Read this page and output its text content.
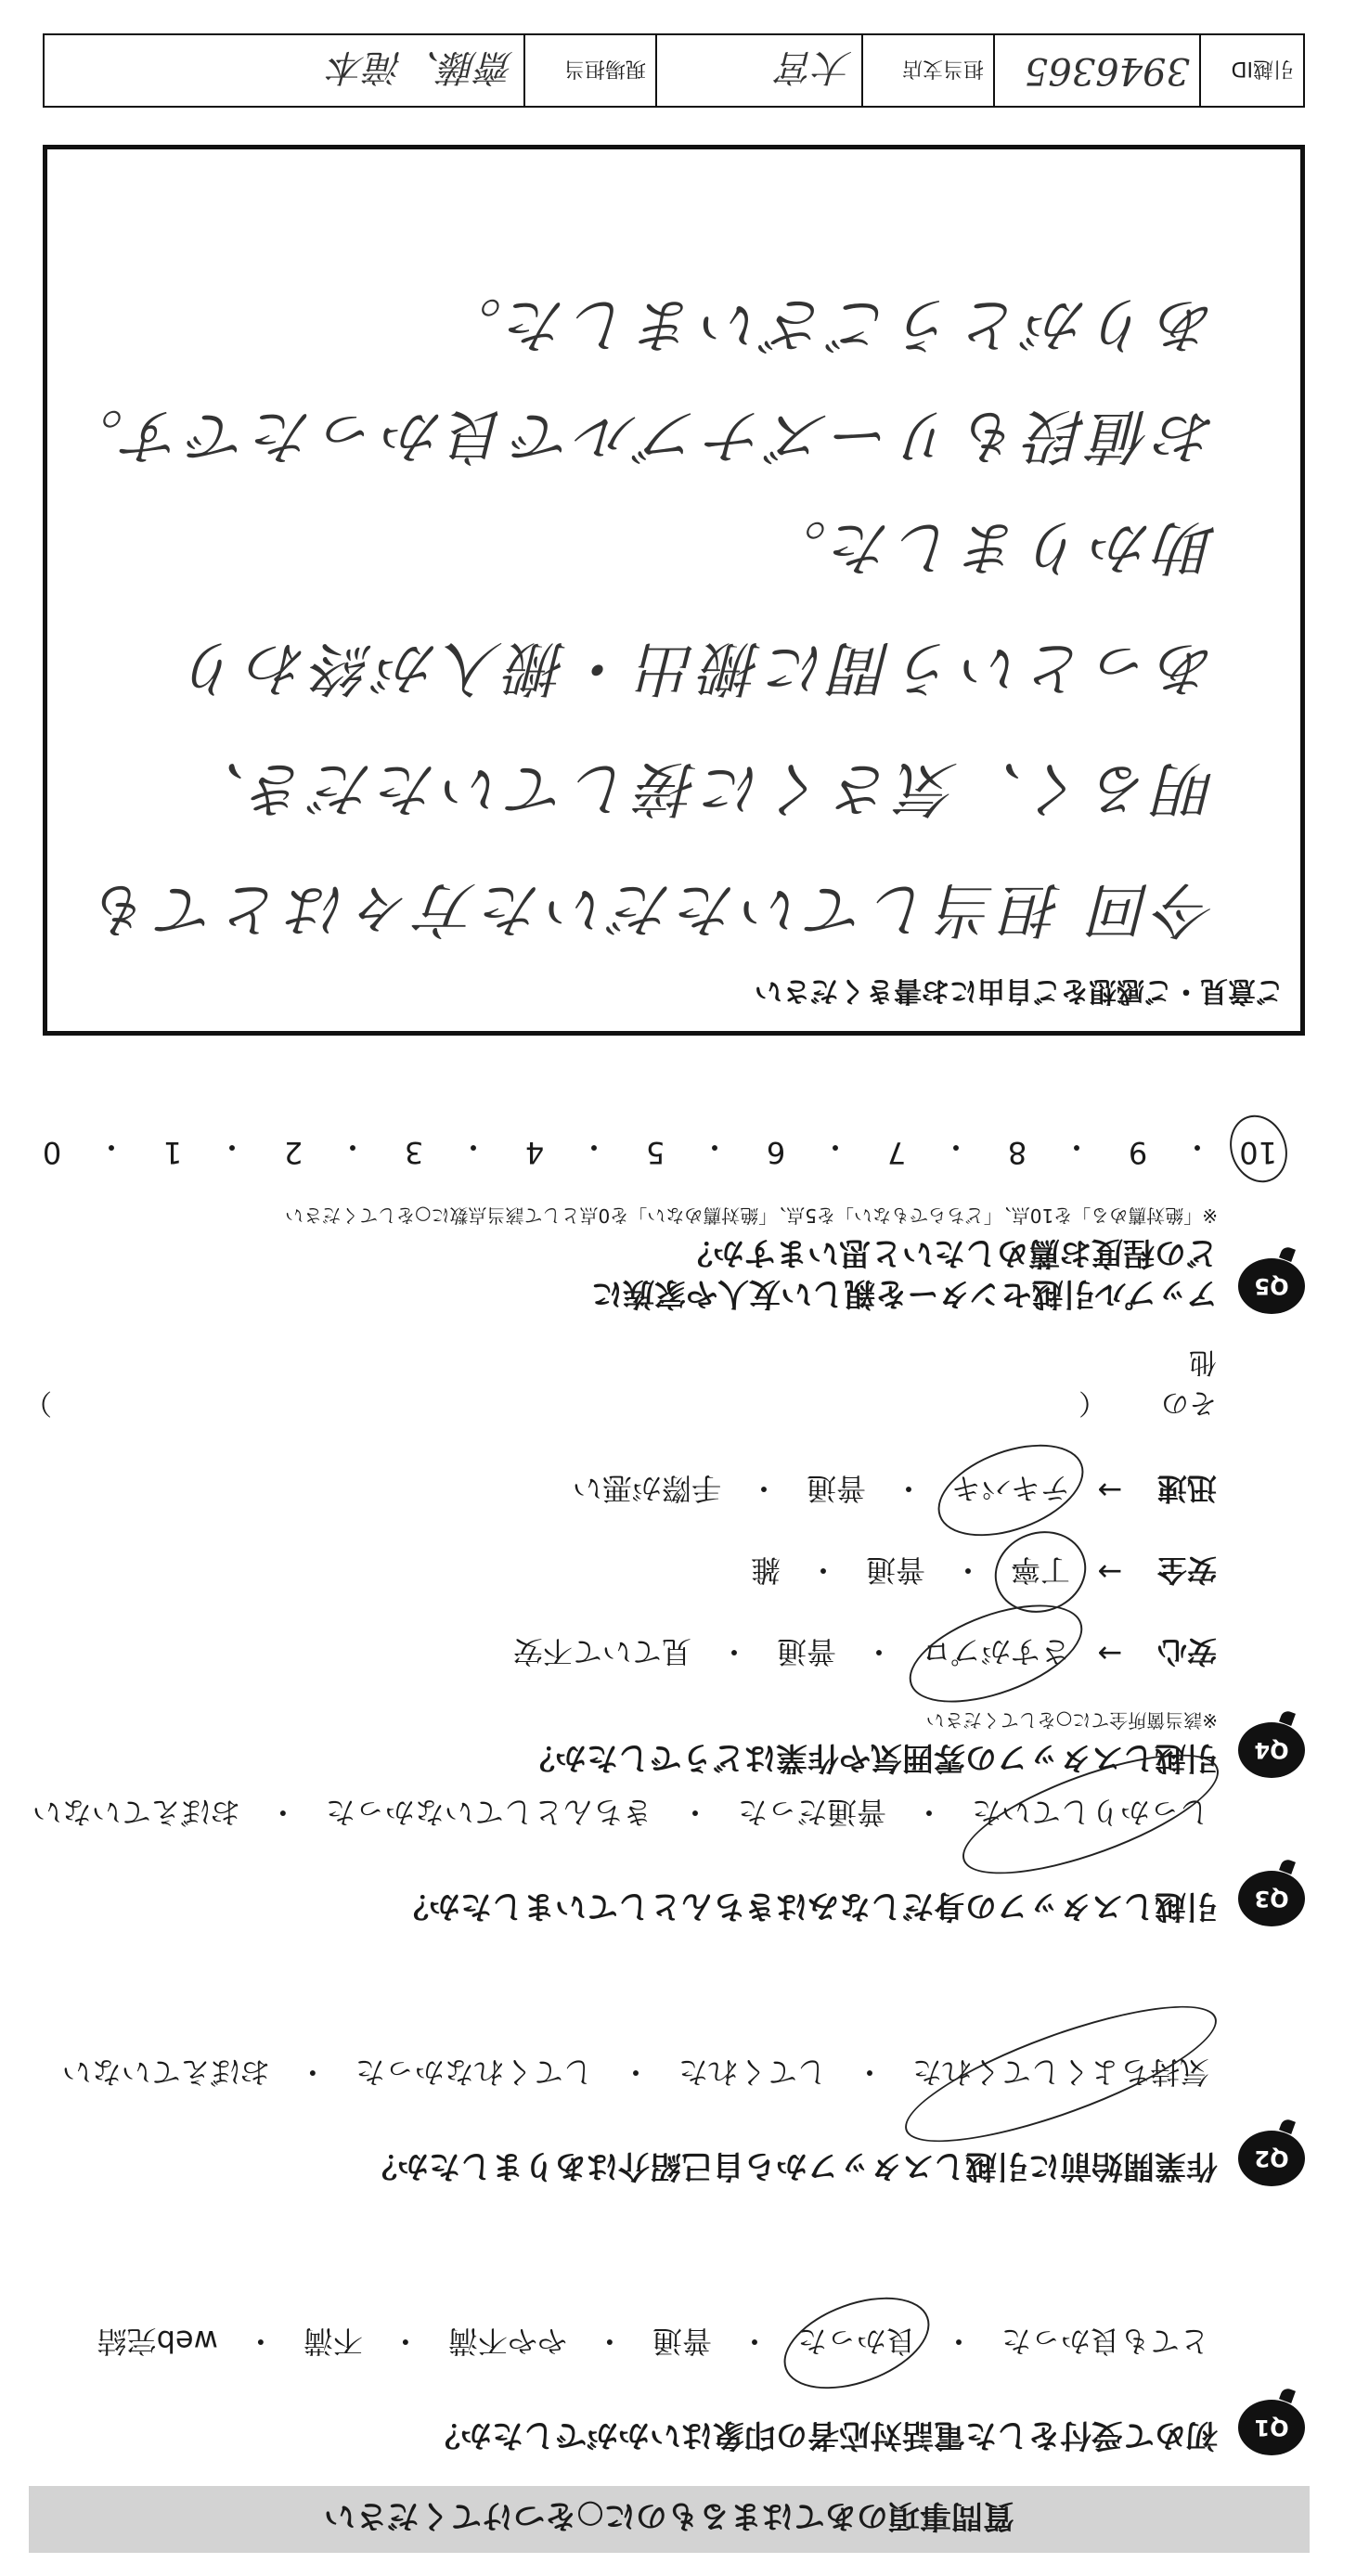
質問事項のあてはまるものに○をつけてください
Q1
初めて受付をした電話対応者の印象はいかがでしたか？
とても良かった
・
良かった
・
普通
・
やや不満
・
不満
・
web完結
Q2
作業開始前に引越しスタッフから自己紹介はありましたか？
気持ちよくしてくれた
・
してくれた
・
してくれなかった
・
おぼえていない
Q3
引越しスタッフの身だしなみはきちんとしていましたか？
しっかりしていた
・
普通だった
・
きちんとしていなかった
・
おぼえていない
Q4
引越しスタッフの雰囲気や作業はどうでしたか？
※該当箇所全てに○をしてください
安心
→
さすがプロ
・
普通
・
見ていて不安
安全
→
丁寧
・
普通
・
雑
迅速
→
テキパキ
・
普通
・
手際が悪い
その他
（
）
Q5
アップル引越センターを親しい友人や家族に
どの程度お薦めしたいと思いますか？
※「絶対薦める」を10点、「どちらでもない」を5点、「絶対薦めない」を0点として該当点数に○をしてください
10
・
9
・
8
・
7
・
6
・
5
・
4
・
3
・
2
・
1
・
0
ご意見・ご感想をご自由にお書きください
今回 担当していただいた方々はとても
明るく、気さくに接していただき、
あっという間に搬出・搬入が終わり
助かりました。
お値段もリーズナブルで良かったです。
ありがとうございました。
引越ID
3946365
担当支店
大宮
現場担当
齋藤、滝本
